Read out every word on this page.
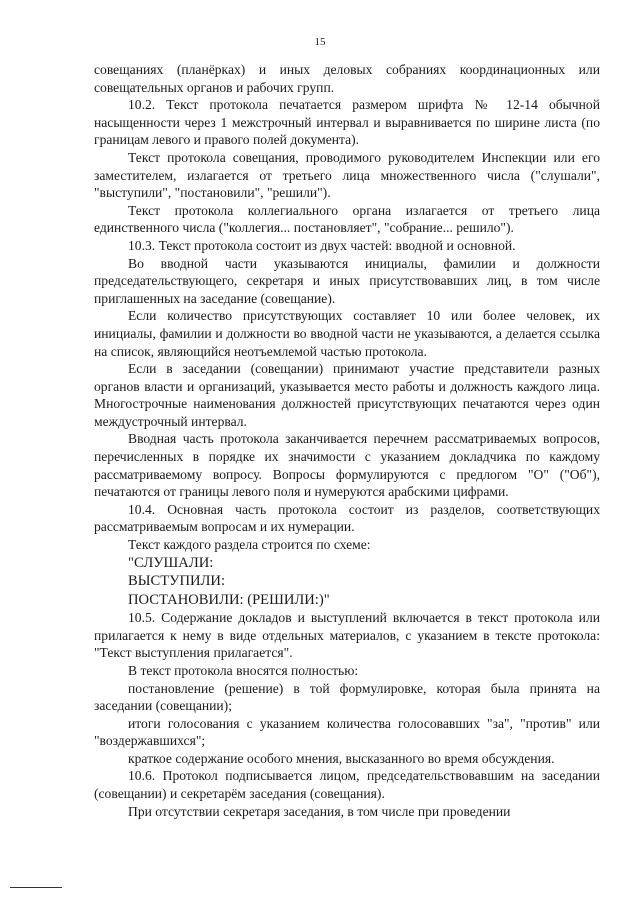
15

совещаниях (планёрках) и иных деловых собраниях координационных или совещательных органов и рабочих групп.

10.2. Текст протокола печатается размером шрифта № 12-14 обычной насыщенности через 1 межстрочный интервал и выравнивается по ширине листа (по границам левого и правого полей документа).

Текст протокола совещания, проводимого руководителем Инспекции или его заместителем, излагается от третьего лица множественного числа ("слушали", "выступили", "постановили", "решили").

Текст протокола коллегиального органа излагается от третьего лица единственного числа ("коллегия... постановляет", "собрание... решило").

10.3. Текст протокола состоит из двух частей: вводной и основной.

Во вводной части указываются инициалы, фамилии и должности председательствующего, секретаря и иных присутствовавших лиц, в том числе приглашенных на заседание (совещание).

Если количество присутствующих составляет 10 или более человек, их инициалы, фамилии и должности во вводной части не указываются, а делается ссылка на список, являющийся неотъемлемой частью протокола.

Если в заседании (совещании) принимают участие представители разных органов власти и организаций, указывается место работы и должность каждого лица. Многострочные наименования должностей присутствующих печатаются через один междустрочный интервал.

Вводная часть протокола заканчивается перечнем рассматриваемых вопросов, перечисленных в порядке их значимости с указанием докладчика по каждому рассматриваемому вопросу. Вопросы формулируются с предлогом "О" ("Об"), печатаются от границы левого поля и нумеруются арабскими цифрами.

10.4. Основная часть протокола состоит из разделов, соответствующих рассматриваемым вопросам и их нумерации.

Текст каждого раздела строится по схеме:

"СЛУШАЛИ:

ВЫСТУПИЛИ:

ПОСТАНОВИЛИ: (РЕШИЛИ:)"

10.5. Содержание докладов и выступлений включается в текст протокола или прилагается к нему в виде отдельных материалов, с указанием в тексте протокола: "Текст выступления прилагается".

В текст протокола вносятся полностью:

постановление (решение) в той формулировке, которая была принята на заседании (совещании);

итоги голосования с указанием количества голосовавших "за", "против" или "воздержавшихся";

краткое содержание особого мнения, высказанного во время обсуждения.

10.6. Протокол подписывается лицом, председательствовавшим на заседании (совещании) и секретарём заседания (совещания).

При отсутствии секретаря заседания, в том числе при проведении
